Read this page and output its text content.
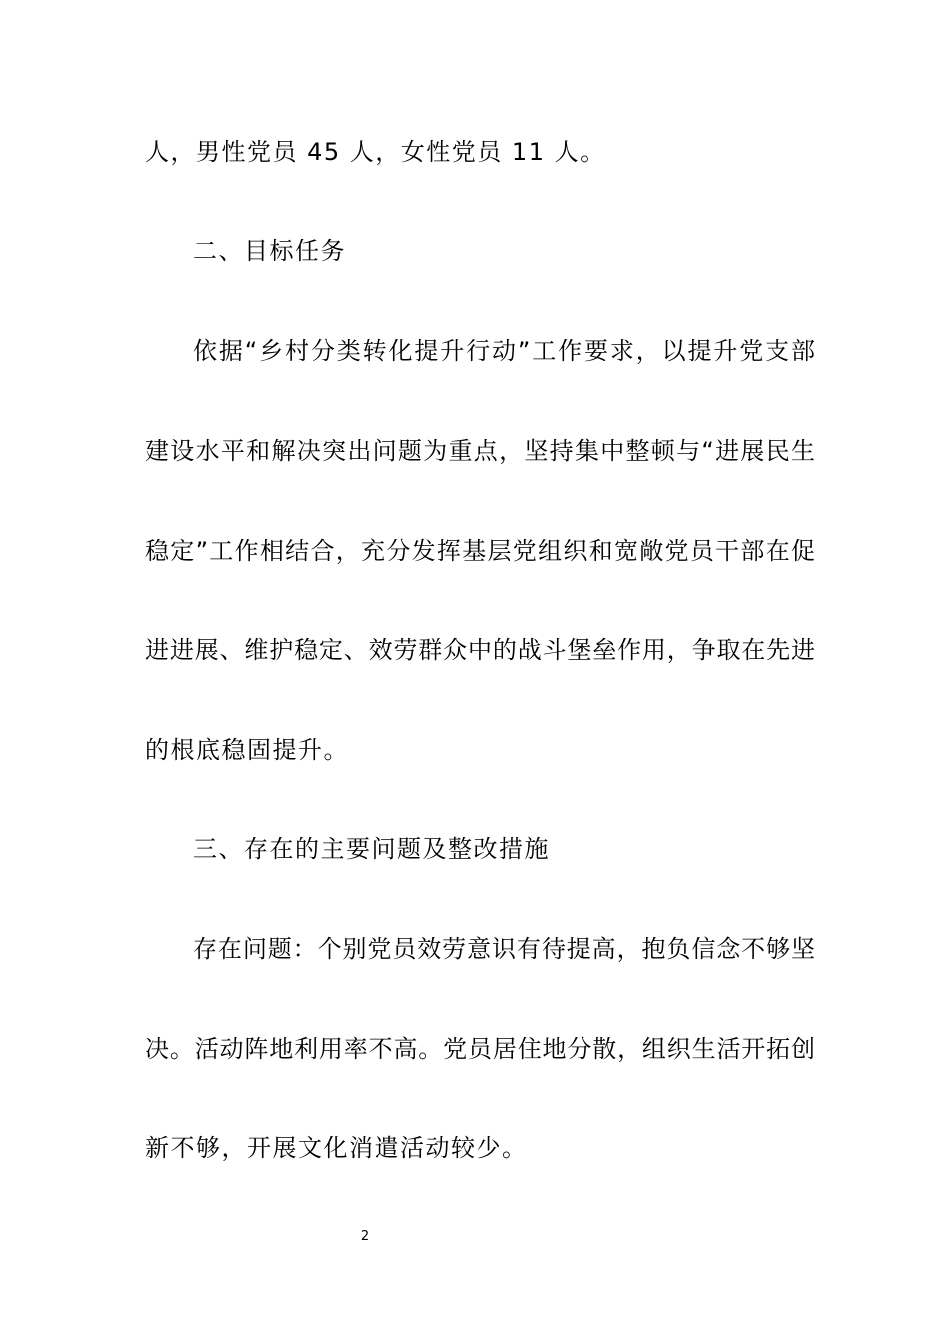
人，男性党员 45 人，女性党员 11 人。
二、目标任务
依据“乡村分类转化提升行动”工作要求，以提升党支部
建设水平和解决突出问题为重点，坚持集中整顿与“进展民生
稳定”工作相结合，充分发挥基层党组织和宽敞党员干部在促
进进展、维护稳定、效劳群众中的战斗堡垒作用，争取在先进
的根底稳固提升。
三、存在的主要问题及整改措施
存在问题：个别党员效劳意识有待提高，抱负信念不够坚
决。活动阵地利用率不高。党员居住地分散，组织生活开拓创
新不够，开展文化消遣活动较少。
2
